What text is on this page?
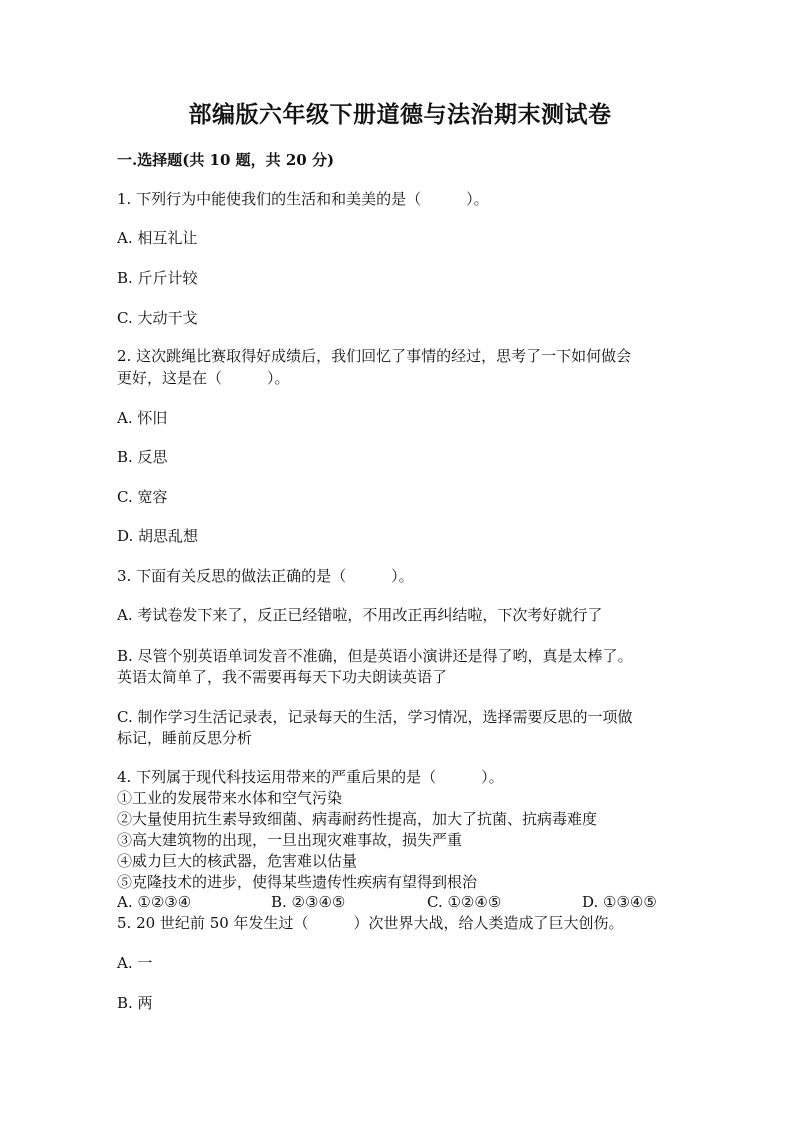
部编版六年级下册道德与法治期末测试卷
一.选择题(共 10 题，共 20 分)
1. 下列行为中能使我们的生活和和美美的是（　　　）。
A. 相互礼让
B. 斤斤计较
C. 大动干戈
2. 这次跳绳比赛取得好成绩后，我们回忆了事情的经过，思考了一下如何做会
更好，这是在（　　　）。
A. 怀旧
B. 反思
C. 宽容
D. 胡思乱想
3. 下面有关反思的做法正确的是（　　　）。
A. 考试卷发下来了，反正已经错啦，不用改正再纠结啦，下次考好就行了
B. 尽管个别英语单词发音不准确，但是英语小演讲还是得了哟，真是太棒了。
英语太简单了，我不需要再每天下功夫朗读英语了
C. 制作学习生活记录表，记录每天的生活，学习情况，选择需要反思的一项做
标记，睡前反思分析
4. 下列属于现代科技运用带来的严重后果的是（　　　）。
①工业的发展带来水体和空气污染
②大量使用抗生素导致细菌、病毒耐药性提高，加大了抗菌、抗病毒难度
③高大建筑物的出现，一旦出现灾难事故，损失严重
④威力巨大的核武器，危害难以估量
⑤克隆技术的进步，使得某些遗传性疾病有望得到根治
A. ①②③④	B. ②③④⑤	C. ①②④⑤	D. ①③④⑤
5. 20 世纪前 50 年发生过（　　　）次世界大战，给人类造成了巨大创伤。
A. 一
B. 两
